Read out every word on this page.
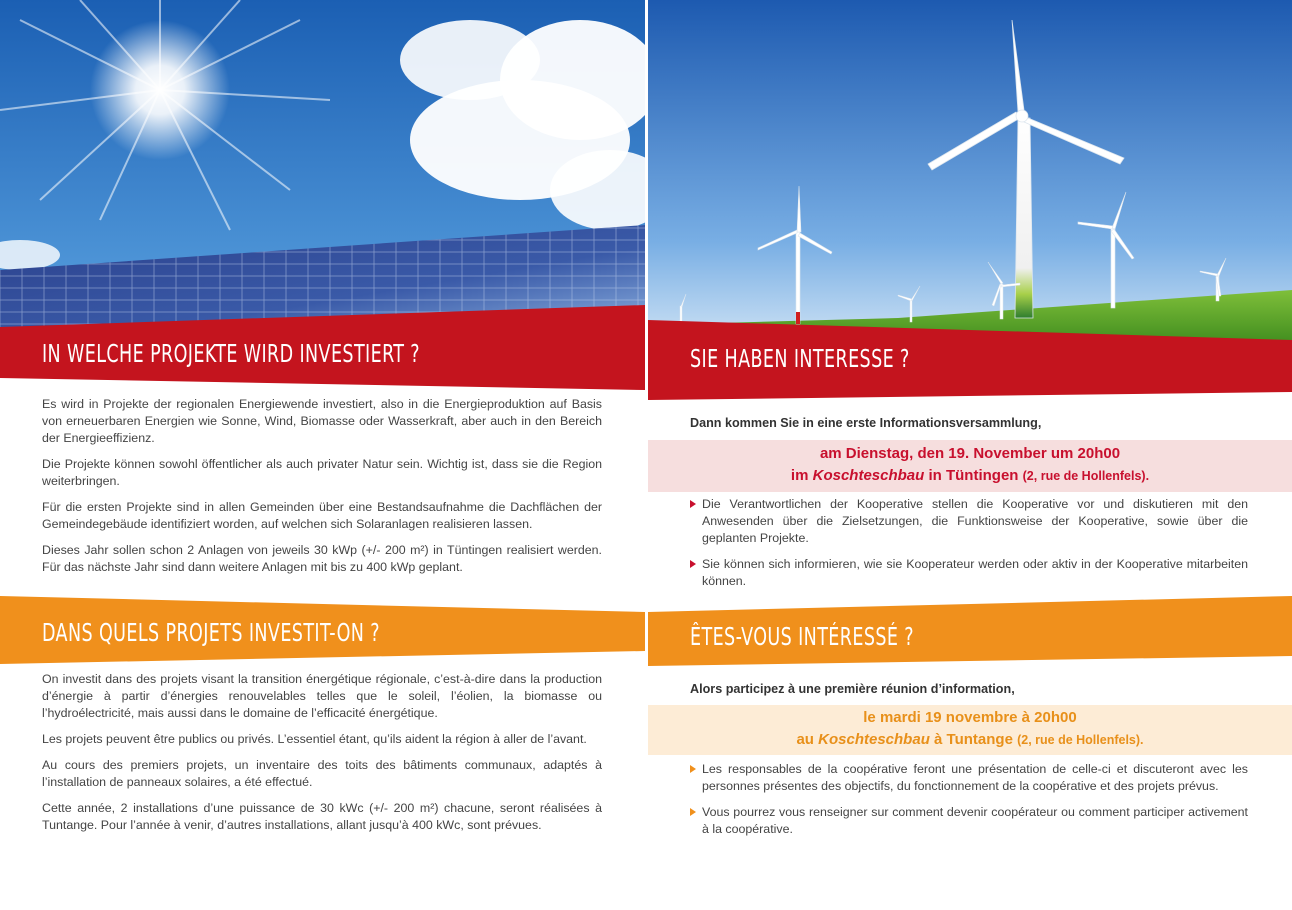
IN WELCHE PROJEKTE WIRD INVESTIERT ?

Es wird in Projekte der regionalen Energiewende investiert, also in die Energieproduktion auf Basis von erneuerbaren Energien wie Sonne, Wind, Biomasse oder Wasserkraft, aber auch in den Bereich der Energieeffizienz.

Die Projekte können sowohl öffentlicher als auch privater Natur sein. Wichtig ist, dass sie die Region weiterbringen.

Für die ersten Projekte sind in allen Gemeinden über eine Bestandsaufnahme die Dachflächen der Gemeindegebäude identifiziert worden, auf welchen sich Solaranlagen realisieren lassen.

Dieses Jahr sollen schon 2 Anlagen von jeweils 30 kWp (+/- 200 m²) in Tüntingen realisiert werden. Für das nächste Jahr sind dann weitere Anlagen mit bis zu 400 kWp geplant.

DANS QUELS PROJETS INVESTIT-ON ?

On investit dans des projets visant la transition énergétique régionale, c’est-à-dire dans la production d’énergie à partir d’énergies renouvelables telles que le soleil, l’éolien, la biomasse ou l’hydroélectricité, mais aussi dans le domaine de l’efficacité énergétique.

Les projets peuvent être publics ou privés. L’essentiel étant, qu’ils aident la région à aller de l’avant.

Au cours des premiers projets, un inventaire des toits des bâtiments communaux, adaptés à l’installation de panneaux solaires, a été effectué.

Cette année, 2 installations d’une puissance de 30 kWc (+/- 200 m²) chacune, seront réalisées à Tuntange. Pour l’année à venir, d’autres installations, allant jusqu’à 400 kWc, sont prévues.

SIE HABEN INTERESSE ?
Dann kommen Sie in eine erste Informationsversammlung,
am Dienstag, den 19. November um 20h00
im Koschteschbau in Tüntingen (2, rue de Hollenfels).
Die Verantwortlichen der Kooperative stellen die Kooperative vor und diskutieren mit den Anwesenden über die Zielsetzungen, die Funktionsweise der Kooperative, sowie über die geplanten Projekte.
Sie können sich informieren, wie sie Kooperateur werden oder aktiv in der Kooperative mitarbeiten können.
ÊTES-VOUS INTÉRESSÉ ?
Alors participez à une première réunion d’information,
le mardi 19 novembre à 20h00
au Koschteschbau à Tuntange (2, rue de Hollenfels).
Les responsables de la coopérative feront une présentation de celle-ci et discuteront avec les personnes présentes des objectifs, du fonctionnement de la coopérative et des projets prévus.
Vous pourrez vous renseigner sur comment devenir coopérateur ou comment participer activement à la coopérative.
